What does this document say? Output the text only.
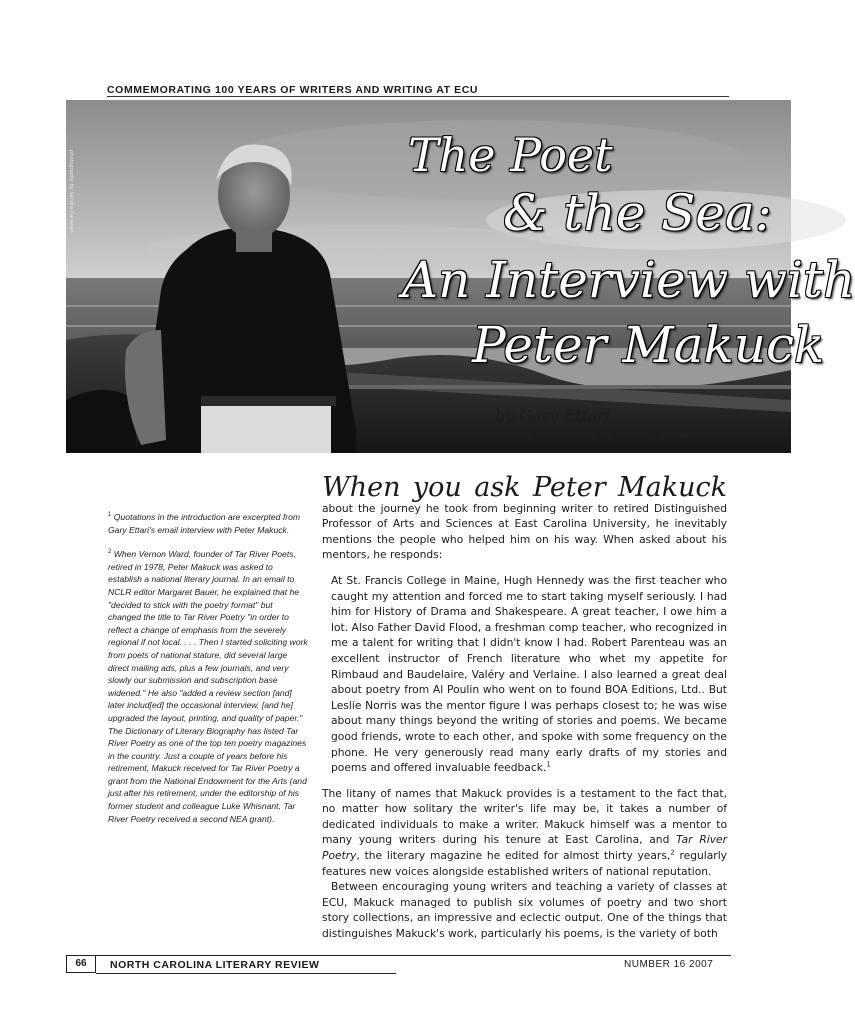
COMMEMORATING 100 YEARS OF WRITERS AND WRITING AT ECU
The Poet
& the Sea:
An Interview with
Peter Makuck
photography by Sandra Carawan
by Gary Ettari
with photography by Sandra Carawan

$^1$ Quotations in the introduction are excerpted from Gary Ettari's email interview with Peter Makuck.

$^2$ When Vernon Ward, founder of Tar River Poets, retired in 1978, Peter Makuck was asked to establish a national literary journal. In an email to NCLR editor Margaret Bauer, he explained that he "decided to stick with the poetry format" but changed the title to Tar River Poetry "in order to reflect a change of emphasis from the severely regional if not local. . . . Then I started soliciting work from poets of national stature, did several large direct mailing ads, plus a few journals, and very slowly our submission and subscription base widened." He also "added a review section [and] later includ[ed] the occasional interview, [and he] upgraded the layout, printing, and quality of paper." The Dictionary of Literary Biography has listed Tar River Poetry as one of the top ten poetry magazines in the country. Just a couple of years before his retirement, Makuck received for Tar River Poetry a grant from the National Endowment for the Arts (and just after his retirement, under the editorship of his former student and colleague Luke Whisnant, Tar River Poetry received a second NEA grant).

When you ask Peter Makuck about the journey he took from beginning writer to retired Distinguished Professor of Arts and Sciences at East Carolina University, he inevitably mentions the people who helped him on his way. When asked about his mentors, he responds:

At St. Francis College in Maine, Hugh Hennedy was the first teacher who caught my attention and forced me to start taking myself seriously. I had him for History of Drama and Shakespeare. A great teacher, I owe him a lot. Also Father David Flood, a freshman comp teacher, who recognized in me a talent for writing that I didn't know I had. Robert Parenteau was an excellent instructor of French literature who whet my appetite for Rimbaud and Baudelaire, Valéry and Verlaine. I also learned a great deal about poetry from Al Poulin who went on to found BOA Editions, Ltd.. But Leslie Norris was the mentor figure I was perhaps closest to; he was wise about many things beyond the writing of stories and poems. We became good friends, wrote to each other, and spoke with some frequency on the phone. He very generously read many early drafts of my stories and poems and offered invaluable feedback.$^1$

The litany of names that Makuck provides is a testament to the fact that, no matter how solitary the writer's life may be, it takes a number of dedicated individuals to make a writer. Makuck himself was a mentor to many young writers during his tenure at East Carolina, and Tar River Poetry, the literary magazine he edited for almost thirty years,$^2$ regularly features new voices alongside established writers of national reputation.

Between encouraging young writers and teaching a variety of classes at ECU, Makuck managed to publish six volumes of poetry and two short story collections, an impressive and eclectic output. One of the things that distinguishes Makuck's work, particularly his poems, is the variety of both

66	NORTH CAROLINA LITERARY REVIEW	NUMBER 16 2007
